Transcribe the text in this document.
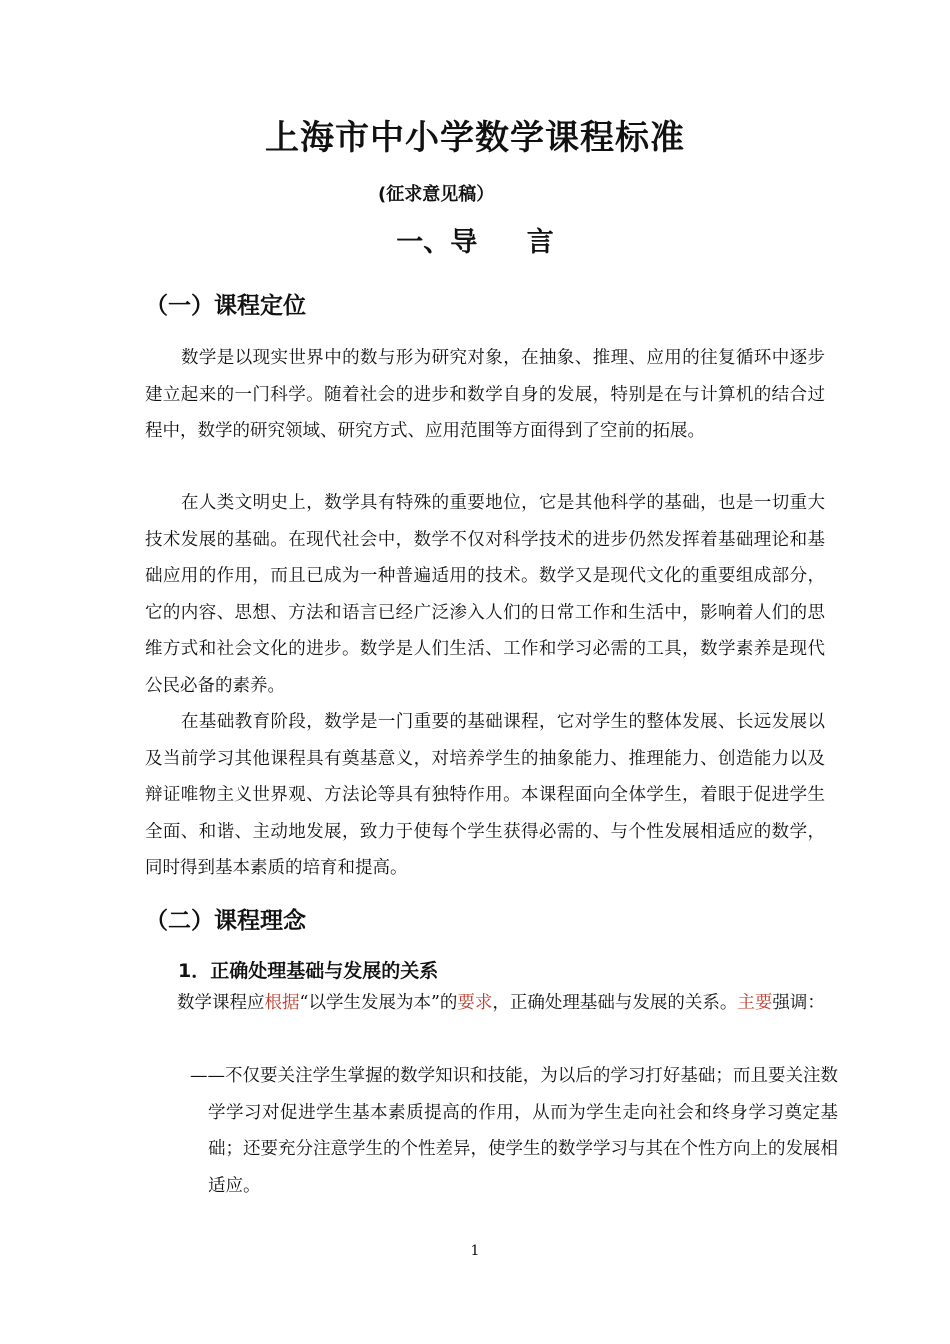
上海市中小学数学课程标准
(征求意见稿）
一、导 言
（一）课程定位

数学是以现实世界中的数与形为研究对象，在抽象、推理、应用的往复循环中逐步建立起来的一门科学。随着社会的进步和数学自身的发展，特别是在与计算机的结合过程中，数学的研究领域、研究方式、应用范围等方面得到了空前的拓展。

在人类文明史上，数学具有特殊的重要地位，它是其他科学的基础，也是一切重大技术发展的基础。在现代社会中，数学不仅对科学技术的进步仍然发挥着基础理论和基础应用的作用，而且已成为一种普遍适用的技术。数学又是现代文化的重要组成部分，它的内容、思想、方法和语言已经广泛渗入人们的日常工作和生活中，影响着人们的思维方式和社会文化的进步。数学是人们生活、工作和学习必需的工具，数学素养是现代公民必备的素养。

在基础教育阶段，数学是一门重要的基础课程，它对学生的整体发展、长远发展以及当前学习其他课程具有奠基意义，对培养学生的抽象能力、推理能力、创造能力以及辩证唯物主义世界观、方法论等具有独特作用。本课程面向全体学生，着眼于促进学生全面、和谐、主动地发展，致力于使每个学生获得必需的、与个性发展相适应的数学，同时得到基本素质的培育和提高。

（二）课程理念
1．正确处理基础与发展的关系

数学课程应根据“以学生发展为本”的要求，正确处理基础与发展的关系。主要强调：

——不仅要关注学生掌握的数学知识和技能，为以后的学习打好基础；而且要关注数学学习对促进学生基本素质提高的作用，从而为学生走向社会和终身学习奠定基础；还要充分注意学生的个性差异，使学生的数学学习与其在个性方向上的发展相适应。

1
